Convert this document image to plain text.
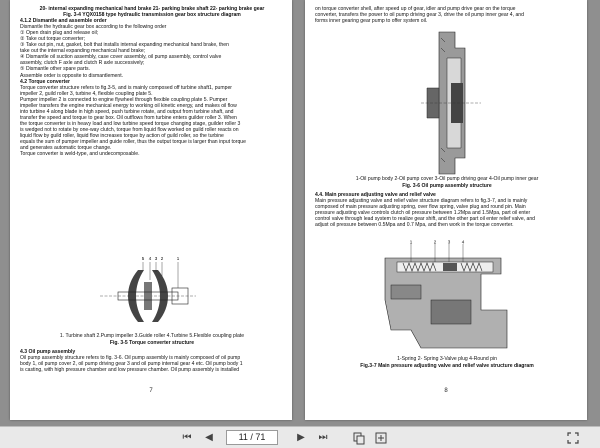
20- internal expanding mechanical hand brake 21- parking brake shaft 22- parking brake gear
Fig. 3-4 YQX0158 type hydraulic transmission gear box structure diagram
4.1.2 Dismantle and assemble order
Dismantle the hydraulic gear box according to the following order
① Open drain plug and release oil;
② Take out torque converter;
③ Take out pin, nut, gasket, bolt that installs internal expanding mechanical hand brake, then
take out the internal expanding mechanical hand brake;
④ Dismantle oil suction assembly, case cover assembly, oil pump assembly, control valve
assembly, clutch F axle and clutch R axle successively;
⑤ Dismantle other spare parts.
Assemble order is opposite to dismantlement.
4.2 Torque converter
Torque converter structure refers to fig.3-5, and is mainly composed off turbine shaft1, pumper
impeller 2, guild roller 3, turbine 4, flexible coupling plate 5.
Pumper impeller 2 is connected to engine flywheel through flexible coupling plate 5. Pumper
impeller transfers the engine mechanical energy to working oil kinetic energy, and makes oil flow
into turbine 4 along blade in high speed, push turbine rotate, and output from turbine shaft, and
transfer the speed and torque to gear box. Oil outflows from turbine enters guilder roller 3. When
the torque converter is in heavy load and low turbine speed torque changing stage, guilder roller 3
is wedged not to rotate by one-way clutch, torque from liquid flow worked on guild roller reacts on
liquid flow by guild roller, liquid flow increases torque by action of guild roller, so the turbine
equals the sum of pumper impeller and guide roller, thus the output torque is larger than input torque
and generates automatic torque change.
Torque converter is weld-type, and undecomposable.
5 4 3 2	1
1. Turbine shaft 2.Pump impeller 3.Guide roller 4.Turbine 5.Flexible coupling plate
Fig. 3-5 Torque converter structure
4.3 Oil pump assembly
Oil pump assembly structure refers to fig. 3-6. Oil pump assembly is mainly composed of oil pump
body 1, oil pump cover 2, oil pump driving gear 3 and oil pump internal gear 4 etc. Oil pump body 1
is casting, with high pressure chamber and low pressure chamber. Oil pump assembly is installed
7
on torque converter shell, after speed up of gear, idler and pump drive gear on the torque
converter, transfers the power to oil pump driving gear 3, drive the oil pump inner gear 4, and
forms inner gearing gear pump to offer system oil.
1-Oil pump body 2-Oil pump cover 3-Oil pump driving gear 4-Oil pump inner gear
Fig. 3-6 Oil pump assembly structure
4.4. Main pressure adjusting valve and relief valve
Main pressure adjusting valve and relief valve structure diagram refers to fig.3-7, and is mainly
composed of main pressure adjusting spring, over flow spring, valve plug and round pin. Main
pressure adjusting valve controls clutch oil pressure between 1.2Mpa and 1.5Mpa, part oil enter
control valve through lead system to realize gear shift, and the other part oil enter relief valve, and
adjust oil pressure between 0.5Mpa and 0.7 Mpa, and then work in the torque converter.
1	2	3	4
1-Spring 2- Spring 3-Valve plug 4-Round pin
Fig.3-7 Main pressure adjusting valve and relief valve structure diagram
8
⏮	◀	11 / 71	▶	⏭
